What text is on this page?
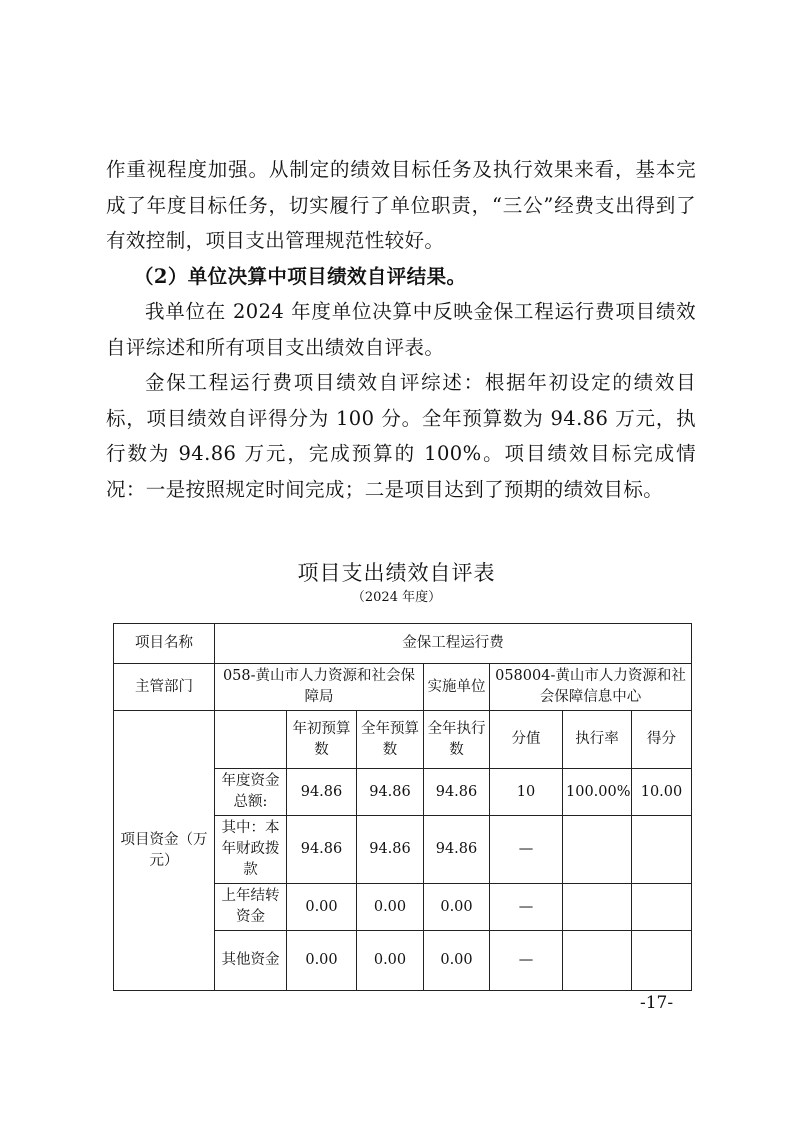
作重视程度加强。从制定的绩效目标任务及执行效果来看，基本完成了年度目标任务，切实履行了单位职责，“三公”经费支出得到了有效控制，项目支出管理规范性较好。

（2）单位决算中项目绩效自评结果。

我单位在 2024 年度单位决算中反映金保工程运行费项目绩效自评综述和所有项目支出绩效自评表。

金保工程运行费项目绩效自评综述：根据年初设定的绩效目标，项目绩效自评得分为 100 分。全年预算数为 94.86 万元，执行数为 94.86 万元，完成预算的 100%。项目绩效目标完成情况：一是按照规定时间完成；二是项目达到了预期的绩效目标。

项目支出绩效自评表
（2024 年度）
项目名称	金保工程运行费						
主管部门	058-黄山市人力资源和社会保障局			实施单位	058004-黄山市人力资源和社会保障信息中心		
项目资金（万元）		年初预算数	全年预算数	全年执行数	分值	执行率	得分
	年度资金总额:	94.86	94.86	94.86	10	100.00%	10.00
	其中：本年财政拨款	94.86	94.86	94.86	—		
	上年结转资金	0.00	0.00	0.00	—		
	其他资金	0.00	0.00	0.00	—		
-17-
